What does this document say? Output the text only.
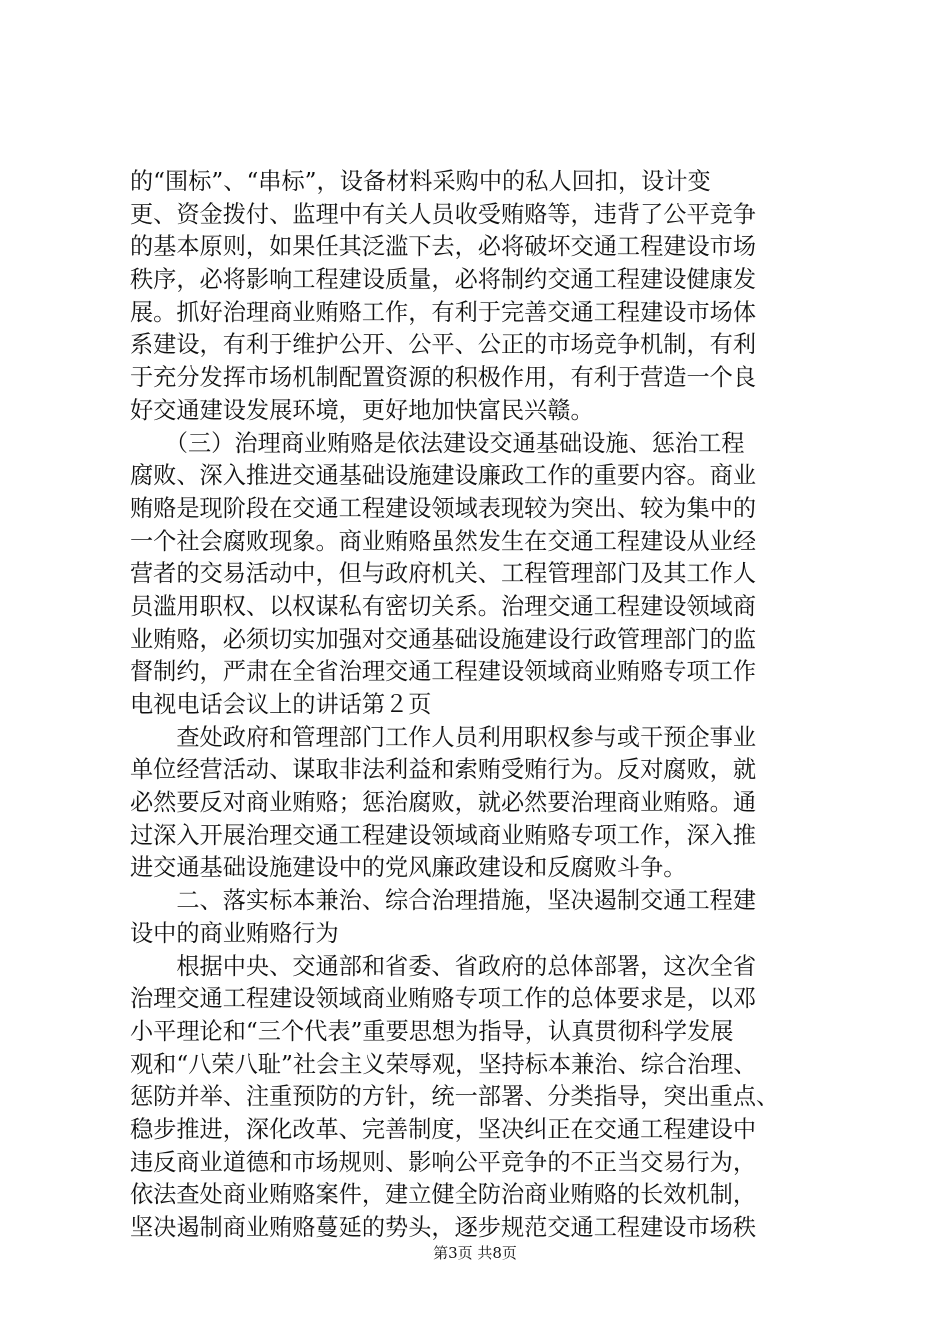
的“围标”、“串标”，设备材料采购中的私人回扣，设计变
更、资金拨付、监理中有关人员收受贿赂等，违背了公平竞争
的基本原则，如果任其泛滥下去，必将破坏交通工程建设市场
秩序，必将影响工程建设质量，必将制约交通工程建设健康发
展。抓好治理商业贿赂工作，有利于完善交通工程建设市场体
系建设，有利于维护公开、公平、公正的市场竞争机制，有利
于充分发挥市场机制配置资源的积极作用，有利于营造一个良
好交通建设发展环境，更好地加快富民兴赣。
　　（三）治理商业贿赂是依法建设交通基础设施、惩治工程
腐败、深入推进交通基础设施建设廉政工作的重要内容。商业
贿赂是现阶段在交通工程建设领域表现较为突出、较为集中的
一个社会腐败现象。商业贿赂虽然发生在交通工程建设从业经
营者的交易活动中，但与政府机关、工程管理部门及其工作人
员滥用职权、以权谋私有密切关系。治理交通工程建设领域商
业贿赂，必须切实加强对交通基础设施建设行政管理部门的监
督制约，严肃在全省治理交通工程建设领域商业贿赂专项工作
电视电话会议上的讲话第２页
　　查处政府和管理部门工作人员利用职权参与或干预企事业
单位经营活动、谋取非法利益和索贿受贿行为。反对腐败，就
必然要反对商业贿赂；惩治腐败，就必然要治理商业贿赂。通
过深入开展治理交通工程建设领域商业贿赂专项工作，深入推
进交通基础设施建设中的党风廉政建设和反腐败斗争。
　　二、落实标本兼治、综合治理措施，坚决遏制交通工程建
设中的商业贿赂行为
　　根据中央、交通部和省委、省政府的总体部署，这次全省
治理交通工程建设领域商业贿赂专项工作的总体要求是，以邓
小平理论和“三个代表”重要思想为指导，认真贯彻科学发展
观和“八荣八耻”社会主义荣辱观，坚持标本兼治、综合治理、
惩防并举、注重预防的方针，统一部署、分类指导，突出重点、
稳步推进，深化改革、完善制度，坚决纠正在交通工程建设中
违反商业道德和市场规则、影响公平竞争的不正当交易行为，
依法查处商业贿赂案件，建立健全防治商业贿赂的长效机制，
坚决遏制商业贿赂蔓延的势头，逐步规范交通工程建设市场秩
第3页 共8页
